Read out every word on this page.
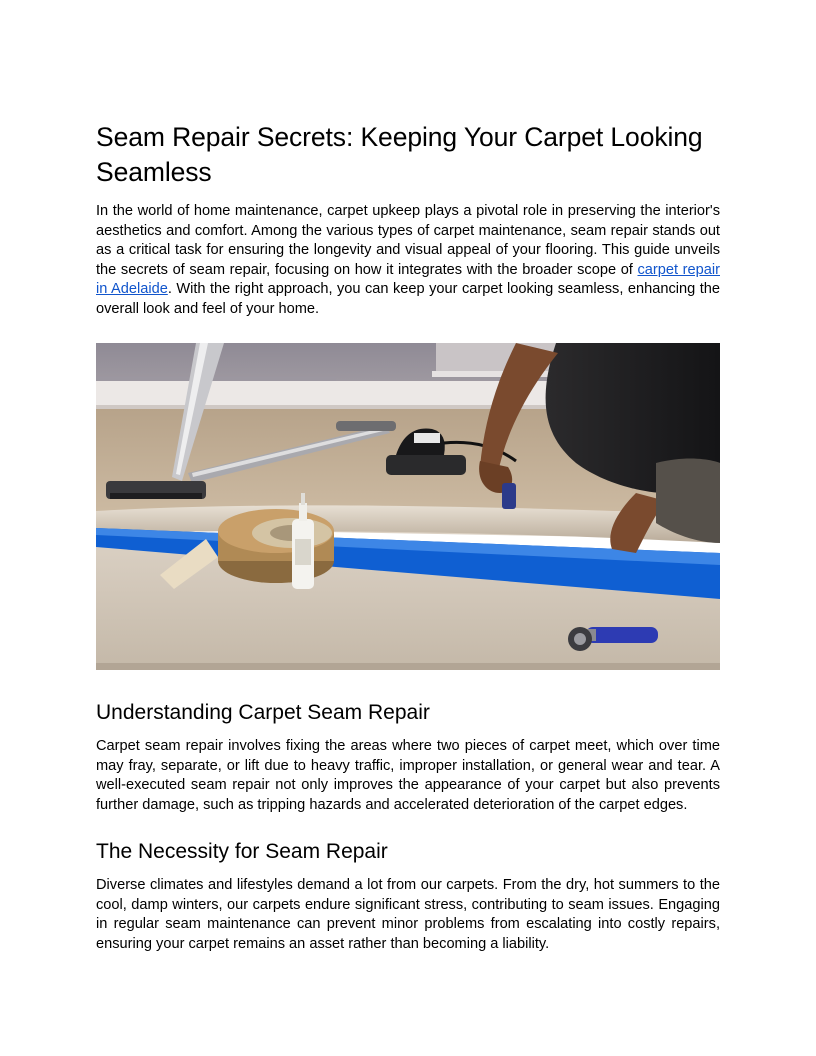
Seam Repair Secrets: Keeping Your Carpet Looking Seamless

In the world of home maintenance, carpet upkeep plays a pivotal role in preserving the interior's aesthetics and comfort. Among the various types of carpet maintenance, seam repair stands out as a critical task for ensuring the longevity and visual appeal of your flooring. This guide unveils the secrets of seam repair, focusing on how it integrates with the broader scope of carpet repair in Adelaide. With the right approach, you can keep your carpet looking seamless, enhancing the overall look and feel of your home.

Understanding Carpet Seam Repair

Carpet seam repair involves fixing the areas where two pieces of carpet meet, which over time may fray, separate, or lift due to heavy traffic, improper installation, or general wear and tear. A well-executed seam repair not only improves the appearance of your carpet but also prevents further damage, such as tripping hazards and accelerated deterioration of the carpet edges.

The Necessity for Seam Repair

Diverse climates and lifestyles demand a lot from our carpets. From the dry, hot summers to the cool, damp winters, our carpets endure significant stress, contributing to seam issues. Engaging in regular seam maintenance can prevent minor problems from escalating into costly repairs, ensuring your carpet remains an asset rather than becoming a liability.
